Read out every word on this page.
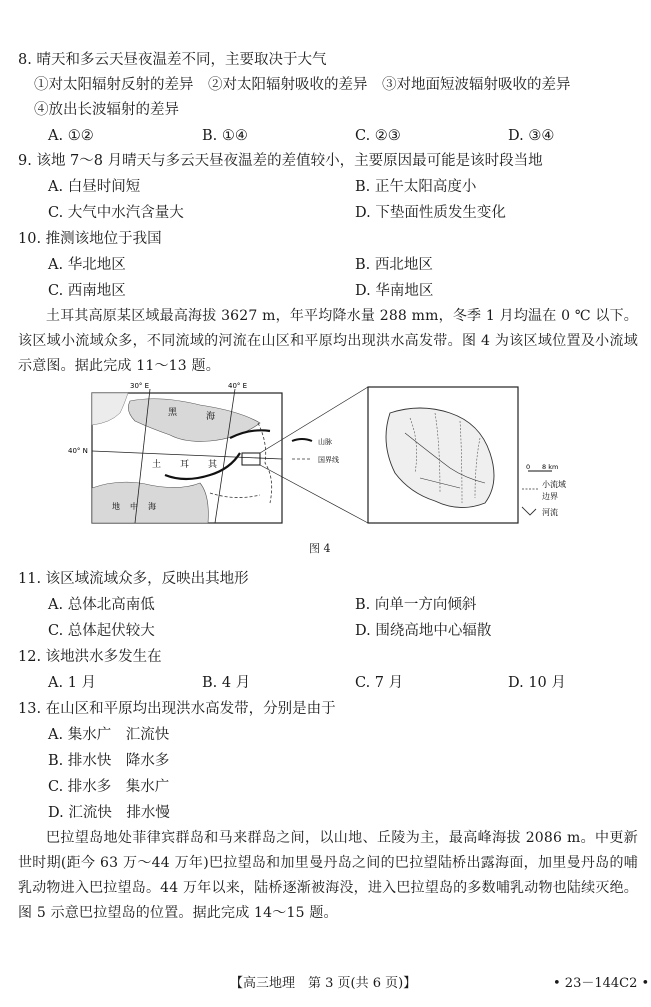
8. 晴天和多云天昼夜温差不同，主要取决于大气
①对太阳辐射反射的差异　②对太阳辐射吸收的差异　③对地面短波辐射吸收的差异
④放出长波辐射的差异
A. ①②	B. ①④	C. ②③	D. ③④
9. 该地 7～8 月晴天与多云天昼夜温差的差值较小，主要原因最可能是该时段当地
A. 白昼时间短	B. 正午太阳高度小
C. 大气中水汽含量大	D. 下垫面性质发生变化
10. 推测该地位于我国
A. 华北地区	B. 西北地区
C. 西南地区	D. 华南地区
土耳其高原某区域最高海拔 3627 m，年平均降水量 288 mm，冬季 1 月均温在 0 ℃ 以下。该区域小流域众多，不同流域的河流在山区和平原均出现洪水高发带。图 4 为该区域位置及小流域示意图。据此完成 11～13 题。
30° E	40° E
40° N
黑	海
土 耳 其
地 中 海
山脉
国界线
0 8 km
小流域
边界
河流
图 4
11. 该区域流域众多，反映出其地形
A. 总体北高南低	B. 向单一方向倾斜
C. 总体起伏较大	D. 围绕高地中心辐散
12. 该地洪水多发生在
A. 1 月	B. 4 月	C. 7 月	D. 10 月
13. 在山区和平原均出现洪水高发带，分别是由于
A. 集水广　汇流快
B. 排水快　降水多
C. 排水多　集水广
D. 汇流快　排水慢
巴拉望岛地处菲律宾群岛和马来群岛之间，以山地、丘陵为主，最高峰海拔 2086 m。中更新世时期(距今 63 万～44 万年)巴拉望岛和加里曼丹岛之间的巴拉望陆桥出露海面，加里曼丹岛的哺乳动物进入巴拉望岛。44 万年以来，陆桥逐渐被海没，进入巴拉望岛的多数哺乳动物也陆续灭绝。图 5 示意巴拉望岛的位置。据此完成 14～15 题。
【高三地理　第 3 页(共 6 页)】	• 23－144C2 •
